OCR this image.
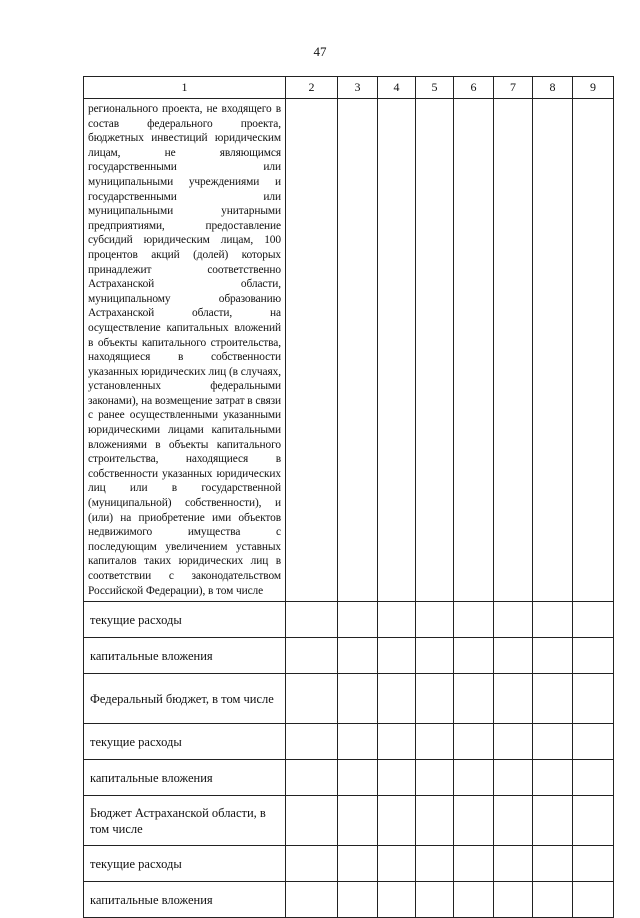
47
1	2	3	4	5	6	7	8	9
регионального проекта, не входящего в состав федерального проекта, бюджетных инвестиций юридическим лицам, не являющимся государственными или муниципальными учреждениями и государственными или муниципальными унитарными предприятиями, предоставление субсидий юридическим лицам, 100 процентов акций (долей) которых принадлежит соответственно Астраханской области, муниципальному образованию Астраханской области, на осуществление капитальных вложений в объекты капитального строительства, находящиеся в собственности указанных юридических лиц (в случаях, установленных федеральными законами), на возмещение затрат в связи с ранее осуществленными указанными юридическими лицами капитальными вложениями в объекты капитального строительства, находящиеся в собственности указанных юридических лиц или в государственной (муниципальной) собственности), и (или) на приобретение ими объектов недвижимого имущества с последующим увеличением уставных капиталов таких юридических лиц в соответствии с законодательством Российской Федерации), в том числе								
текущие расходы								
капитальные вложения								
Федеральный бюджет, в том числе								
текущие расходы								
капитальные вложения								
Бюджет Астраханской области, в том числе								
текущие расходы								
капитальные вложения								
